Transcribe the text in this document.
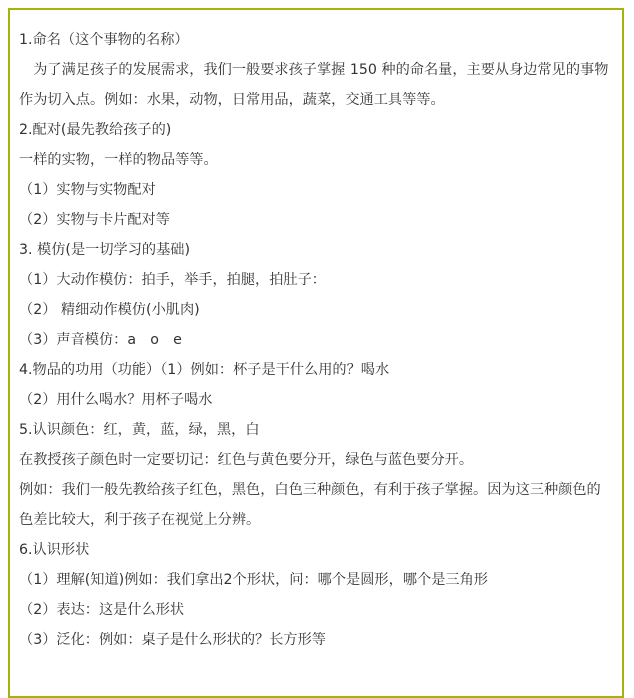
1.命名（这个事物的名称）
　为了满足孩子的发展需求，我们一般要求孩子掌握 150 种的命名量，主要从身边常见的事物作为切入点。例如：水果，动物，日常用品，蔬菜，交通工具等等。
2.配对(最先教给孩子的)
一样的实物，一样的物品等等。
（1）实物与实物配对
（2）实物与卡片配对等
3. 模仿(是一切学习的基础)
（1）大动作模仿：拍手，举手，拍腿，拍肚子：
（2） 精细动作模仿(小肌肉)
（3）声音模仿：a　o　e
4.物品的功用（功能）（1）例如：杯子是干什么用的？喝水
（2）用什么喝水？用杯子喝水
5.认识颜色：红，黄，蓝，绿，黑，白
在教授孩子颜色时一定要切记：红色与黄色要分开，绿色与蓝色要分开。
例如：我们一般先教给孩子红色，黑色，白色三种颜色，有利于孩子掌握。因为这三种颜色的色差比较大，利于孩子在视觉上分辨。
6.认识形状
（1）理解(知道)例如：我们拿出2个形状，问：哪个是圆形，哪个是三角形
（2）表达：这是什么形状
（3）泛化：例如：桌子是什么形状的？长方形等
